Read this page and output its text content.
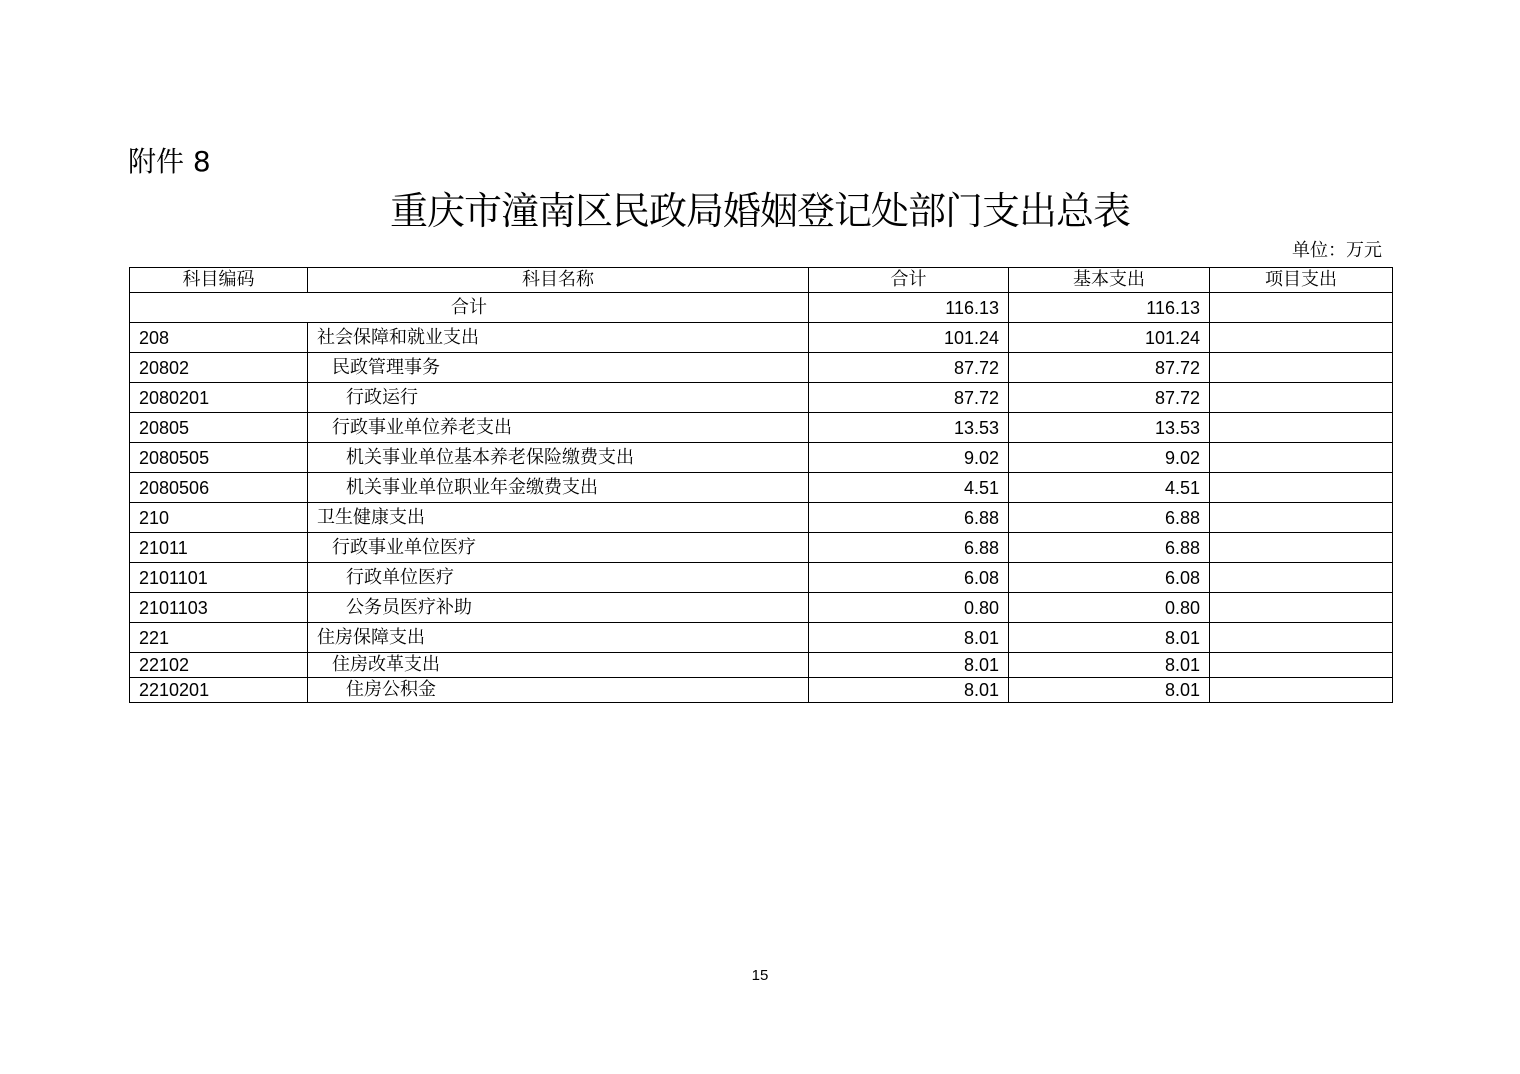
附件 8
重庆市潼南区民政局婚姻登记处部门支出总表
单位：万元
科目编码	科目名称	合计	基本支出	项目支出
合计		116.13	116.13	
208	社会保障和就业支出	101.24	101.24	
20802	民政管理事务	87.72	87.72	
2080201	行政运行	87.72	87.72	
20805	行政事业单位养老支出	13.53	13.53	
2080505	机关事业单位基本养老保险缴费支出	9.02	9.02	
2080506	机关事业单位职业年金缴费支出	4.51	4.51	
210	卫生健康支出	6.88	6.88	
21011	行政事业单位医疗	6.88	6.88	
2101101	行政单位医疗	6.08	6.08	
2101103	公务员医疗补助	0.80	0.80	
221	住房保障支出	8.01	8.01	
22102	住房改革支出	8.01	8.01	
2210201	住房公积金	8.01	8.01	
15
